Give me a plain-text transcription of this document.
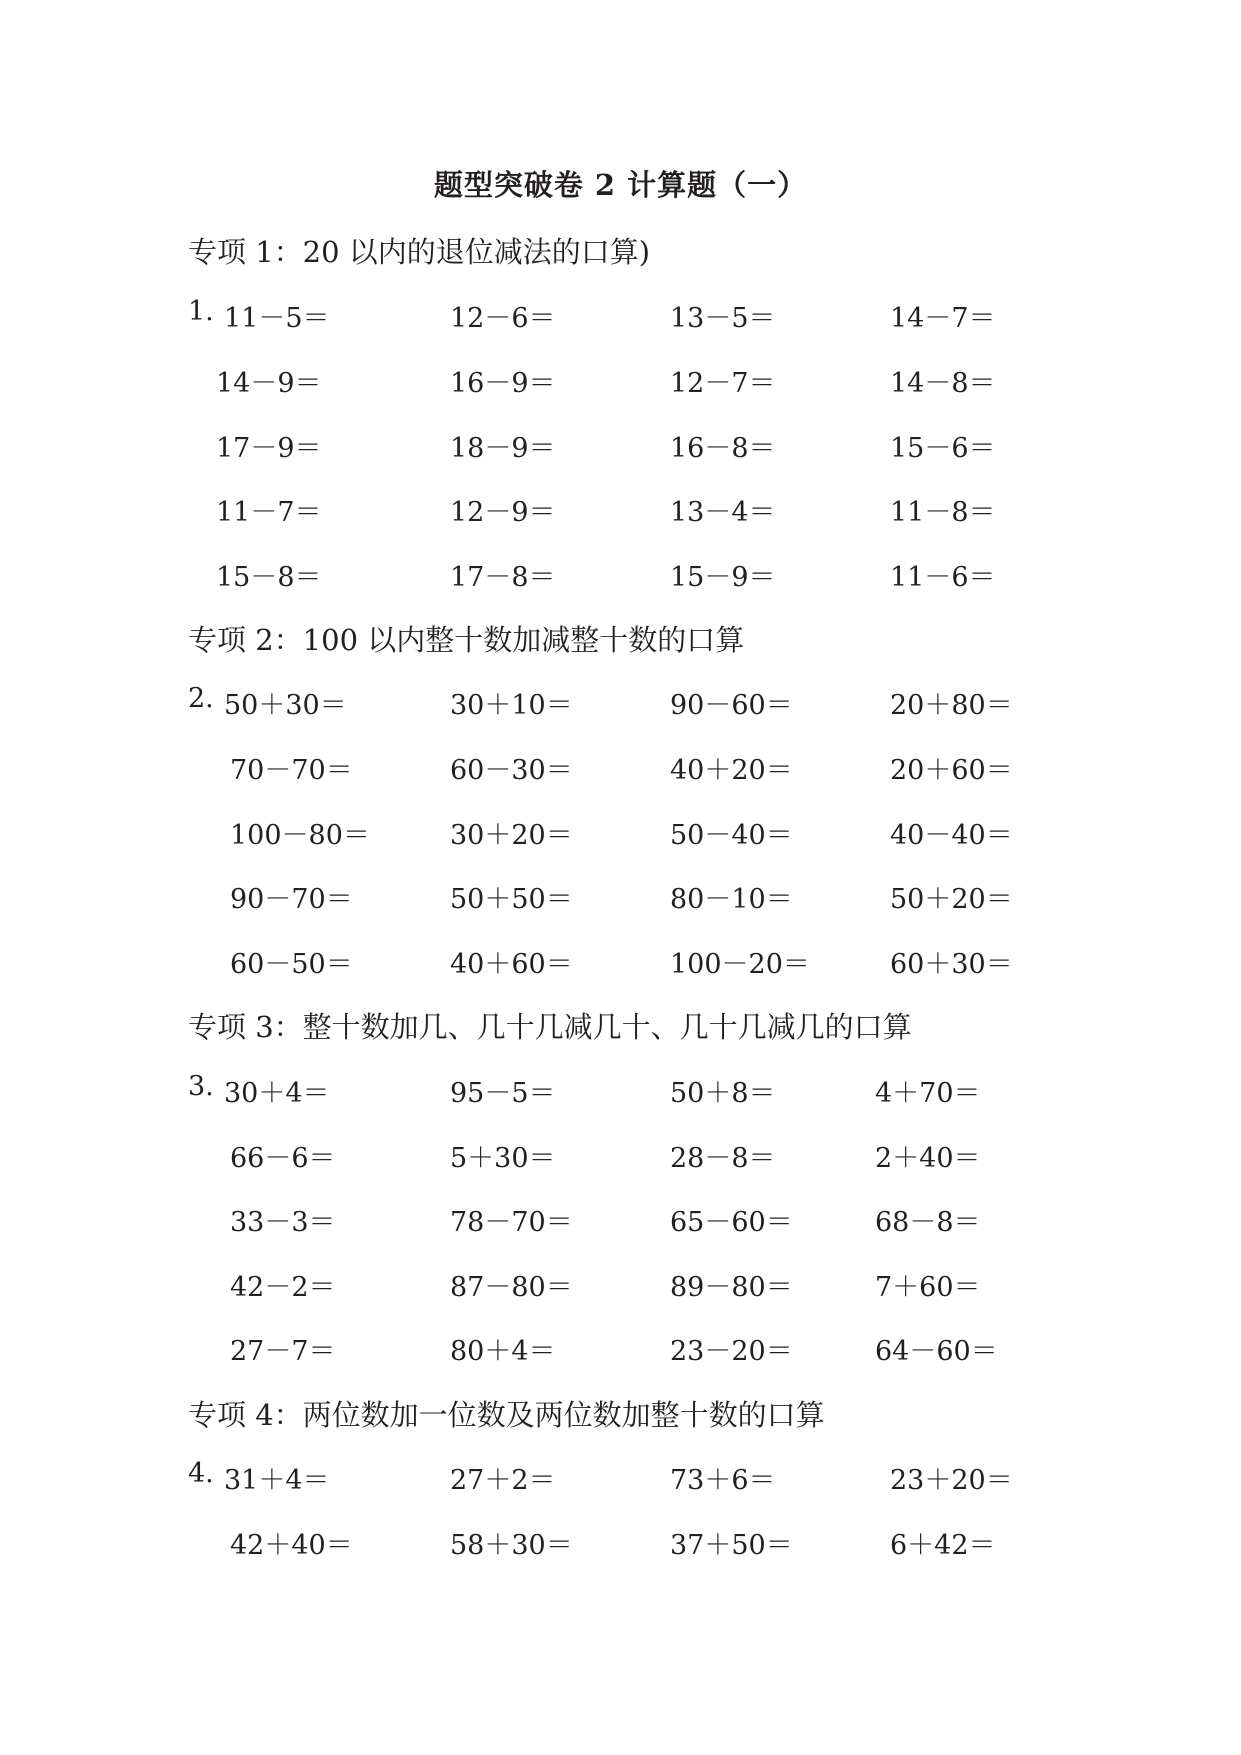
题型突破卷 2 计算题（一）
专项 1：20 以内的退位减法的口算)
1. 11－5＝	12－6＝	13－5＝	14－7＝
14－9＝	16－9＝	12－7＝	14－8＝
17－9＝	18－9＝	16－8＝	15－6＝
11－7＝	12－9＝	13－4＝	11－8＝
15－8＝	17－8＝	15－9＝	11－6＝
专项 2：100 以内整十数加减整十数的口算
2. 50＋30＝	30＋10＝	90－60＝	20＋80＝
70－70＝	60－30＝	40＋20＝	20＋60＝
100－80＝	30＋20＝	50－40＝	40－40＝
90－70＝	50＋50＝	80－10＝	50＋20＝
60－50＝	40＋60＝	100－20＝	60＋30＝
专项 3：整十数加几、几十几减几十、几十几减几的口算
3. 30＋4＝	95－5＝	50＋8＝	4＋70＝
66－6＝	5＋30＝	28－8＝	2＋40＝
33－3＝	78－70＝	65－60＝	68－8＝
42－2＝	87－80＝	89－80＝	7＋60＝
27－7＝	80＋4＝	23－20＝	64－60＝
专项 4：两位数加一位数及两位数加整十数的口算
4. 31＋4＝	27＋2＝	73＋6＝	23＋20＝
42＋40＝	58＋30＝	37＋50＝	6＋42＝
